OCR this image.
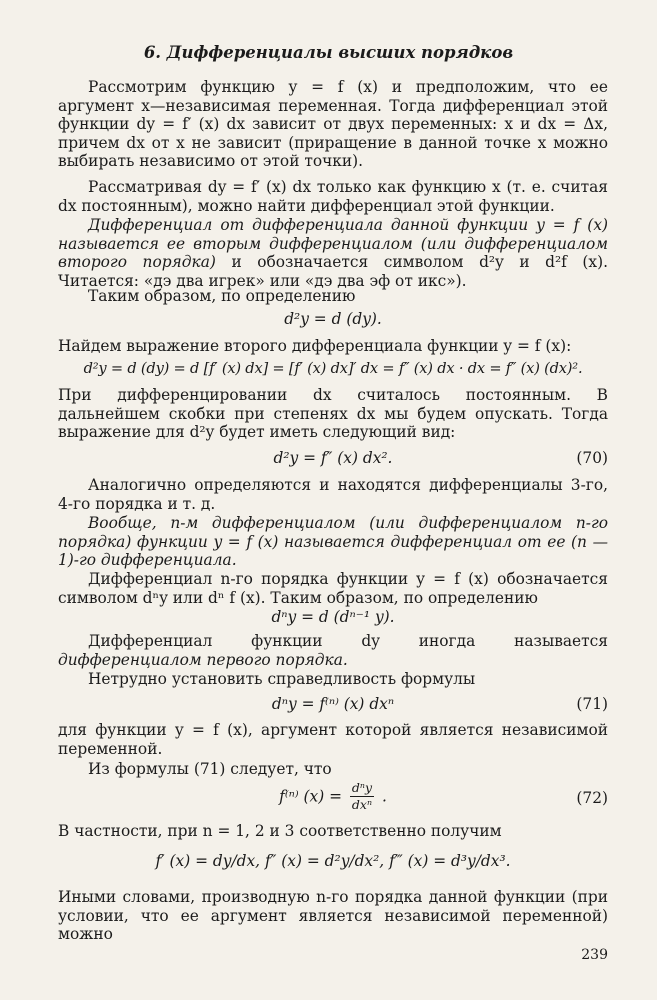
6. Дифференциалы высших порядков

Рассмотрим функцию y = f (x) и предположим, что ее аргумент x—независимая переменная. Тогда дифференциал этой функции dy = f′ (x) dx зависит от двух переменных: x и dx = Δx, причем dx от x не зависит (приращение в данной точке x можно выбирать независимо от этой точки).

Рассматривая dy = f′ (x) dx только как функцию x (т. е. считая dx постоянным), можно найти дифференциал этой функции.

Дифференциал от дифференциала данной функции y = f (x) называется ее вторым дифференциалом (или дифференциалом второго порядка) и обозначается символом d²y и d²f (x). Читается: «дэ два игрек» или «дэ два эф от икс»).

Таким образом, по определению

d²y = d (dy).

Найдем выражение второго дифференциала функции y = f (x):

d²y = d (dy) = d [f′ (x) dx] = [f′ (x) dx]′ dx = f″ (x) dx · dx = f″ (x) (dx)².

При дифференцировании dx считалось постоянным. В дальнейшем скобки при степенях dx мы будем опускать. Тогда выражение для d²y будет иметь следующий вид:

d²y = f″ (x) dx².	(70)

Аналогично определяются и находятся дифференциалы 3-го, 4-го порядка и т. д.

Вообще, n-м дифференциалом (или дифференциалом n-го порядка) функции y = f (x) называется дифференциал от ее (n — 1)-го дифференциала.

Дифференциал n-го порядка функции y = f (x) обозначается символом dⁿy или dⁿ f (x). Таким образом, по определению

dⁿy = d (dⁿ⁻¹ y).

Дифференциал функции dy иногда называется дифференциалом первого порядка.

Нетрудно установить справедливость формулы

dⁿy = f⁽ⁿ⁾ (x) dxⁿ	(71)

для функции y = f (x), аргумент которой является независимой переменной.

Из формулы (71) следует, что

f⁽ⁿ⁾ (x) = dⁿy
dxⁿ .	(72)

В частности, при n = 1, 2 и 3 соответственно получим

f′ (x) = dy/dx, f″ (x) = d²y/dx², f‴ (x) = d³y/dx³.

Иными словами, производную n-го порядка данной функции (при условии, что ее аргумент является независимой переменной) можно

239
